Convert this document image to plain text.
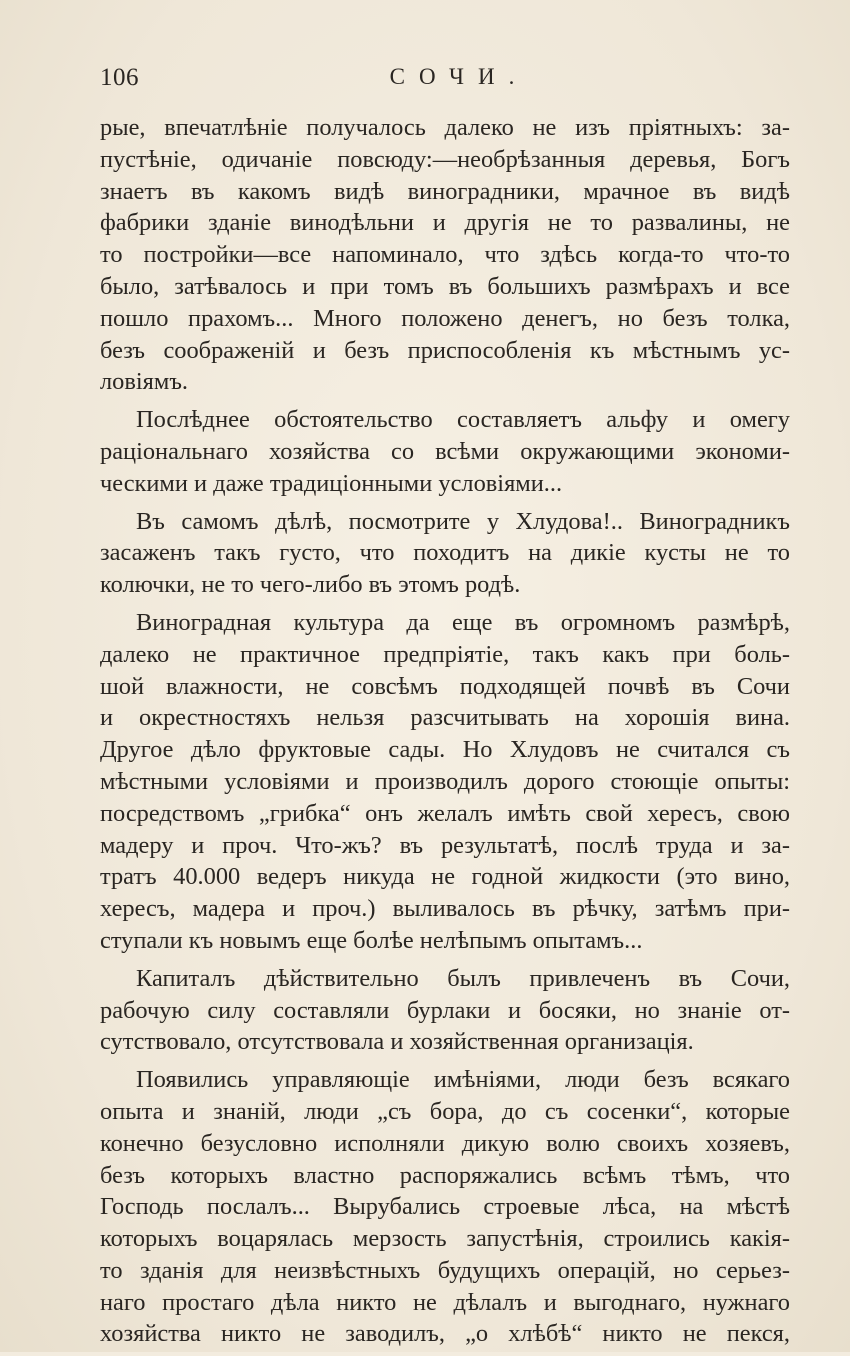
106	СОЧИ.
рые, впечатлѣніе получалось далеко не изъ пріятныхъ: за-
пустѣніе, одичаніе повсюду:—необрѣзанныя деревья, Богъ
знаетъ въ какомъ видѣ виноградники, мрачное въ видѣ
фабрики зданіе винодѣльни и другія не то развалины, не
то постройки—все напоминало, что здѣсь когда-то что-то
было, затѣвалось и при томъ въ большихъ размѣрахъ и все
пошло прахомъ... Много положено денегъ, но безъ толка,
безъ соображеній и безъ приспособленія къ мѣстнымъ ус-
ловіямъ.
Послѣднее обстоятельство составляетъ альфу и омегу
раціональнаго хозяйства со всѣми окружающими экономи-
ческими и даже традиціонными условіями...
Въ самомъ дѣлѣ, посмотрите у Хлудова!.. Виноградникъ
засаженъ такъ густо, что походитъ на дикіе кусты не то
колючки, не то чего-либо въ этомъ родѣ.
Виноградная культура да еще въ огромномъ размѣрѣ,
далеко не практичное предпріятіе, такъ какъ при боль-
шой влажности, не совсѣмъ подходящей почвѣ въ Сочи
и окрестностяхъ нельзя разсчитывать на хорошія вина.
Другое дѣло фруктовые сады. Но Хлудовъ не считался съ
мѣстными условіями и производилъ дорого стоющіе опыты:
посредствомъ „грибка“ онъ желалъ имѣть свой хересъ, свою
мадеру и проч. Что-жъ? въ результатѣ, послѣ труда и за-
тратъ 40.000 ведеръ никуда не годной жидкости (это вино,
хересъ, мадера и проч.) выливалось въ рѣчку, затѣмъ при-
ступали къ новымъ еще болѣе нелѣпымъ опытамъ...
Капиталъ дѣйствительно былъ привлеченъ въ Сочи,
рабочую силу составляли бурлаки и босяки, но знаніе от-
сутствовало, отсутствовала и хозяйственная организація.
Появились управляющіе имѣніями, люди безъ всякаго
опыта и знаній, люди „съ бора, до съ сосенки“, которые
конечно безусловно исполняли дикую волю своихъ хозяевъ,
безъ которыхъ властно распоряжались всѣмъ тѣмъ, что
Господь послалъ... Вырубались строевые лѣса, на мѣстѣ
которыхъ воцарялась мерзость запустѣнія, строились какія-
то зданія для неизвѣстныхъ будущихъ операцій, но серьез-
наго простаго дѣла никто не дѣлалъ и выгоднаго, нужнаго
хозяйства никто не заводилъ, „о хлѣбѣ“ никто не пекся,
